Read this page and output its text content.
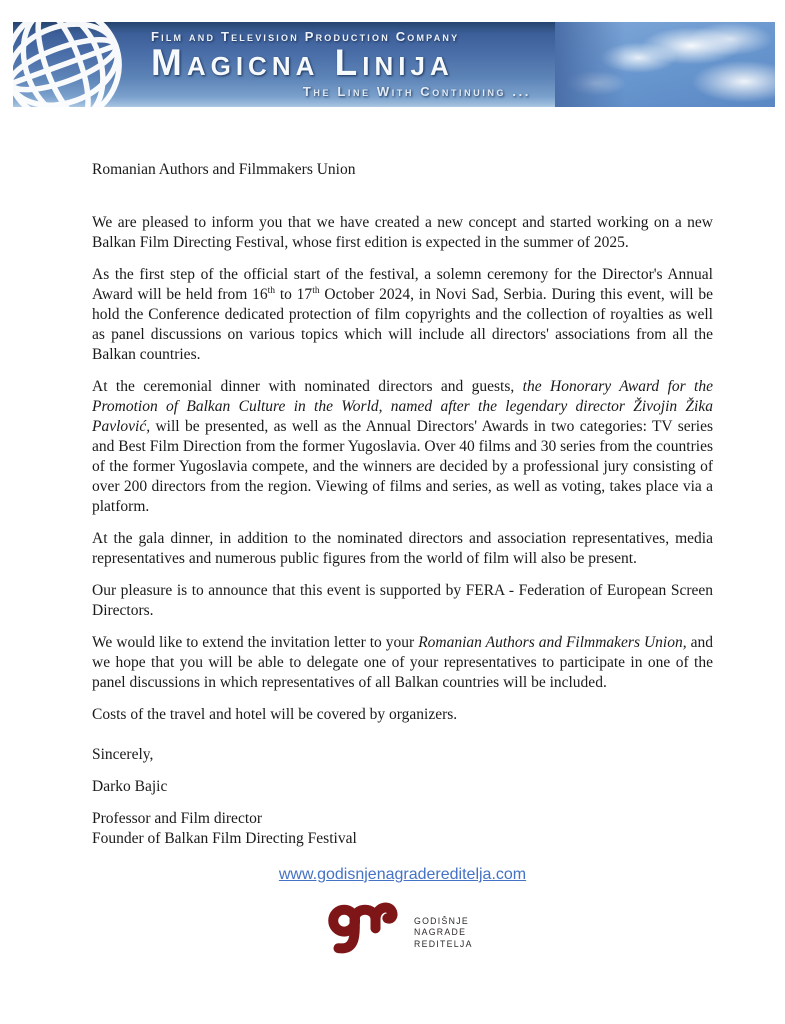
Film and Television Production Company
Magicna Linija
The Line With Continuing ...
Romanian Authors and Filmmakers Union

We are pleased to inform you that we have created a new concept and started working on a new Balkan Film Directing Festival, whose first edition is expected in the summer of 2025.

As the first step of the official start of the festival, a solemn ceremony for the Director's Annual Award will be held from 16th to 17th October 2024, in Novi Sad, Serbia. During this event, will be hold the Conference dedicated protection of film copyrights and the collection of royalties as well as panel discussions on various topics which will include all directors' associations from all the Balkan countries.

At the ceremonial dinner with nominated directors and guests, the Honorary Award for the Promotion of Balkan Culture in the World, named after the legendary director Živojin Žika Pavlović, will be presented, as well as the Annual Directors' Awards in two categories: TV series and Best Film Direction from the former Yugoslavia. Over 40 films and 30 series from the countries of the former Yugoslavia compete, and the winners are decided by a professional jury consisting of over 200 directors from the region. Viewing of films and series, as well as voting, takes place via a platform.

At the gala dinner, in addition to the nominated directors and association representatives, media representatives and numerous public figures from the world of film will also be present.

Our pleasure is to announce that this event is supported by FERA - Federation of European Screen Directors.

We would like to extend the invitation letter to your Romanian Authors and Filmmakers Union, and we hope that you will be able to delegate one of your representatives to participate in one of the panel discussions in which representatives of all Balkan countries will be included.

Costs of the travel and hotel will be covered by organizers.

Sincerely,
Darko Bajic
Professor and Film director
Founder of Balkan Film Directing Festival
www.godisnjenagradereditelja.com
GODIŠNJE
NAGRADE
REDITELJA
